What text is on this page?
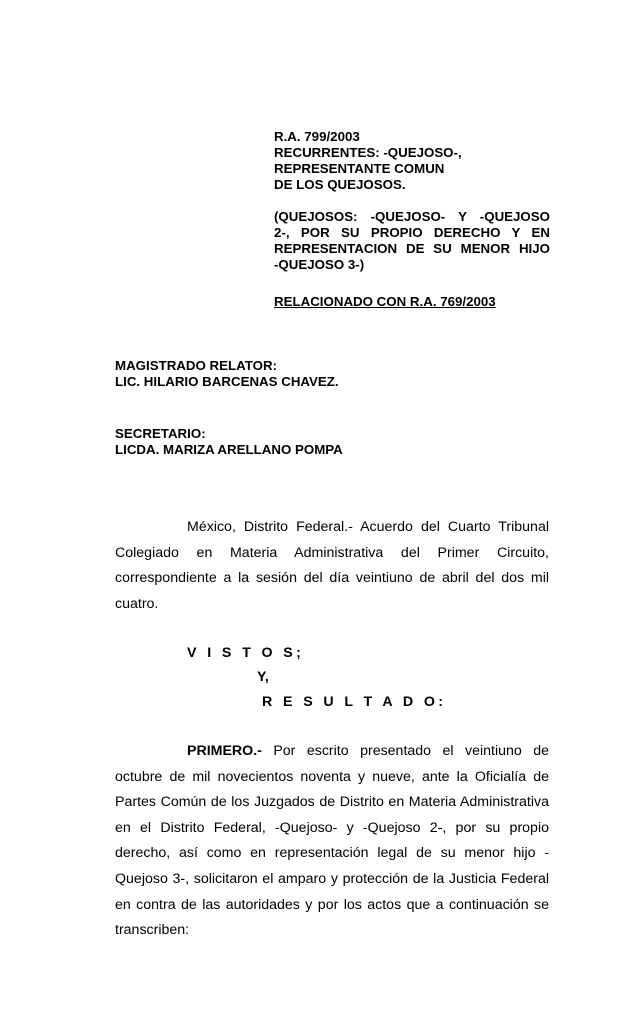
R.A. 799/2003
RECURRENTES: -QUEJOSO-,
REPRESENTANTE COMUN
DE LOS QUEJOSOS.
(QUEJOSOS: -QUEJOSO- Y -QUEJOSO
2-, POR SU PROPIO DERECHO Y EN
REPRESENTACION DE SU MENOR HIJO
-QUEJOSO 3-)
RELACIONADO CON R.A. 769/2003
MAGISTRADO RELATOR:
LIC. HILARIO BARCENAS CHAVEZ.
SECRETARIO:
LICDA. MARIZA ARELLANO POMPA
México, Distrito Federal.- Acuerdo del Cuarto Tribunal
Colegiado en Materia Administrativa del Primer Circuito,
correspondiente a la sesión del día veintiuno de abril del dos mil
cuatro.
V I S T O S;
Y,
R E S U L T A D O:
PRIMERO.- Por escrito presentado el veintiuno de
octubre de mil novecientos noventa y nueve, ante la Oficialía de
Partes Común de los Juzgados de Distrito en Materia Administrativa
en el Distrito Federal, -Quejoso- y -Quejoso 2-, por su propio
derecho, así como en representación legal de su menor hijo -
Quejoso 3-, solicitaron el amparo y protección de la Justicia Federal
en contra de las autoridades y por los actos que a continuación se
transcriben:
